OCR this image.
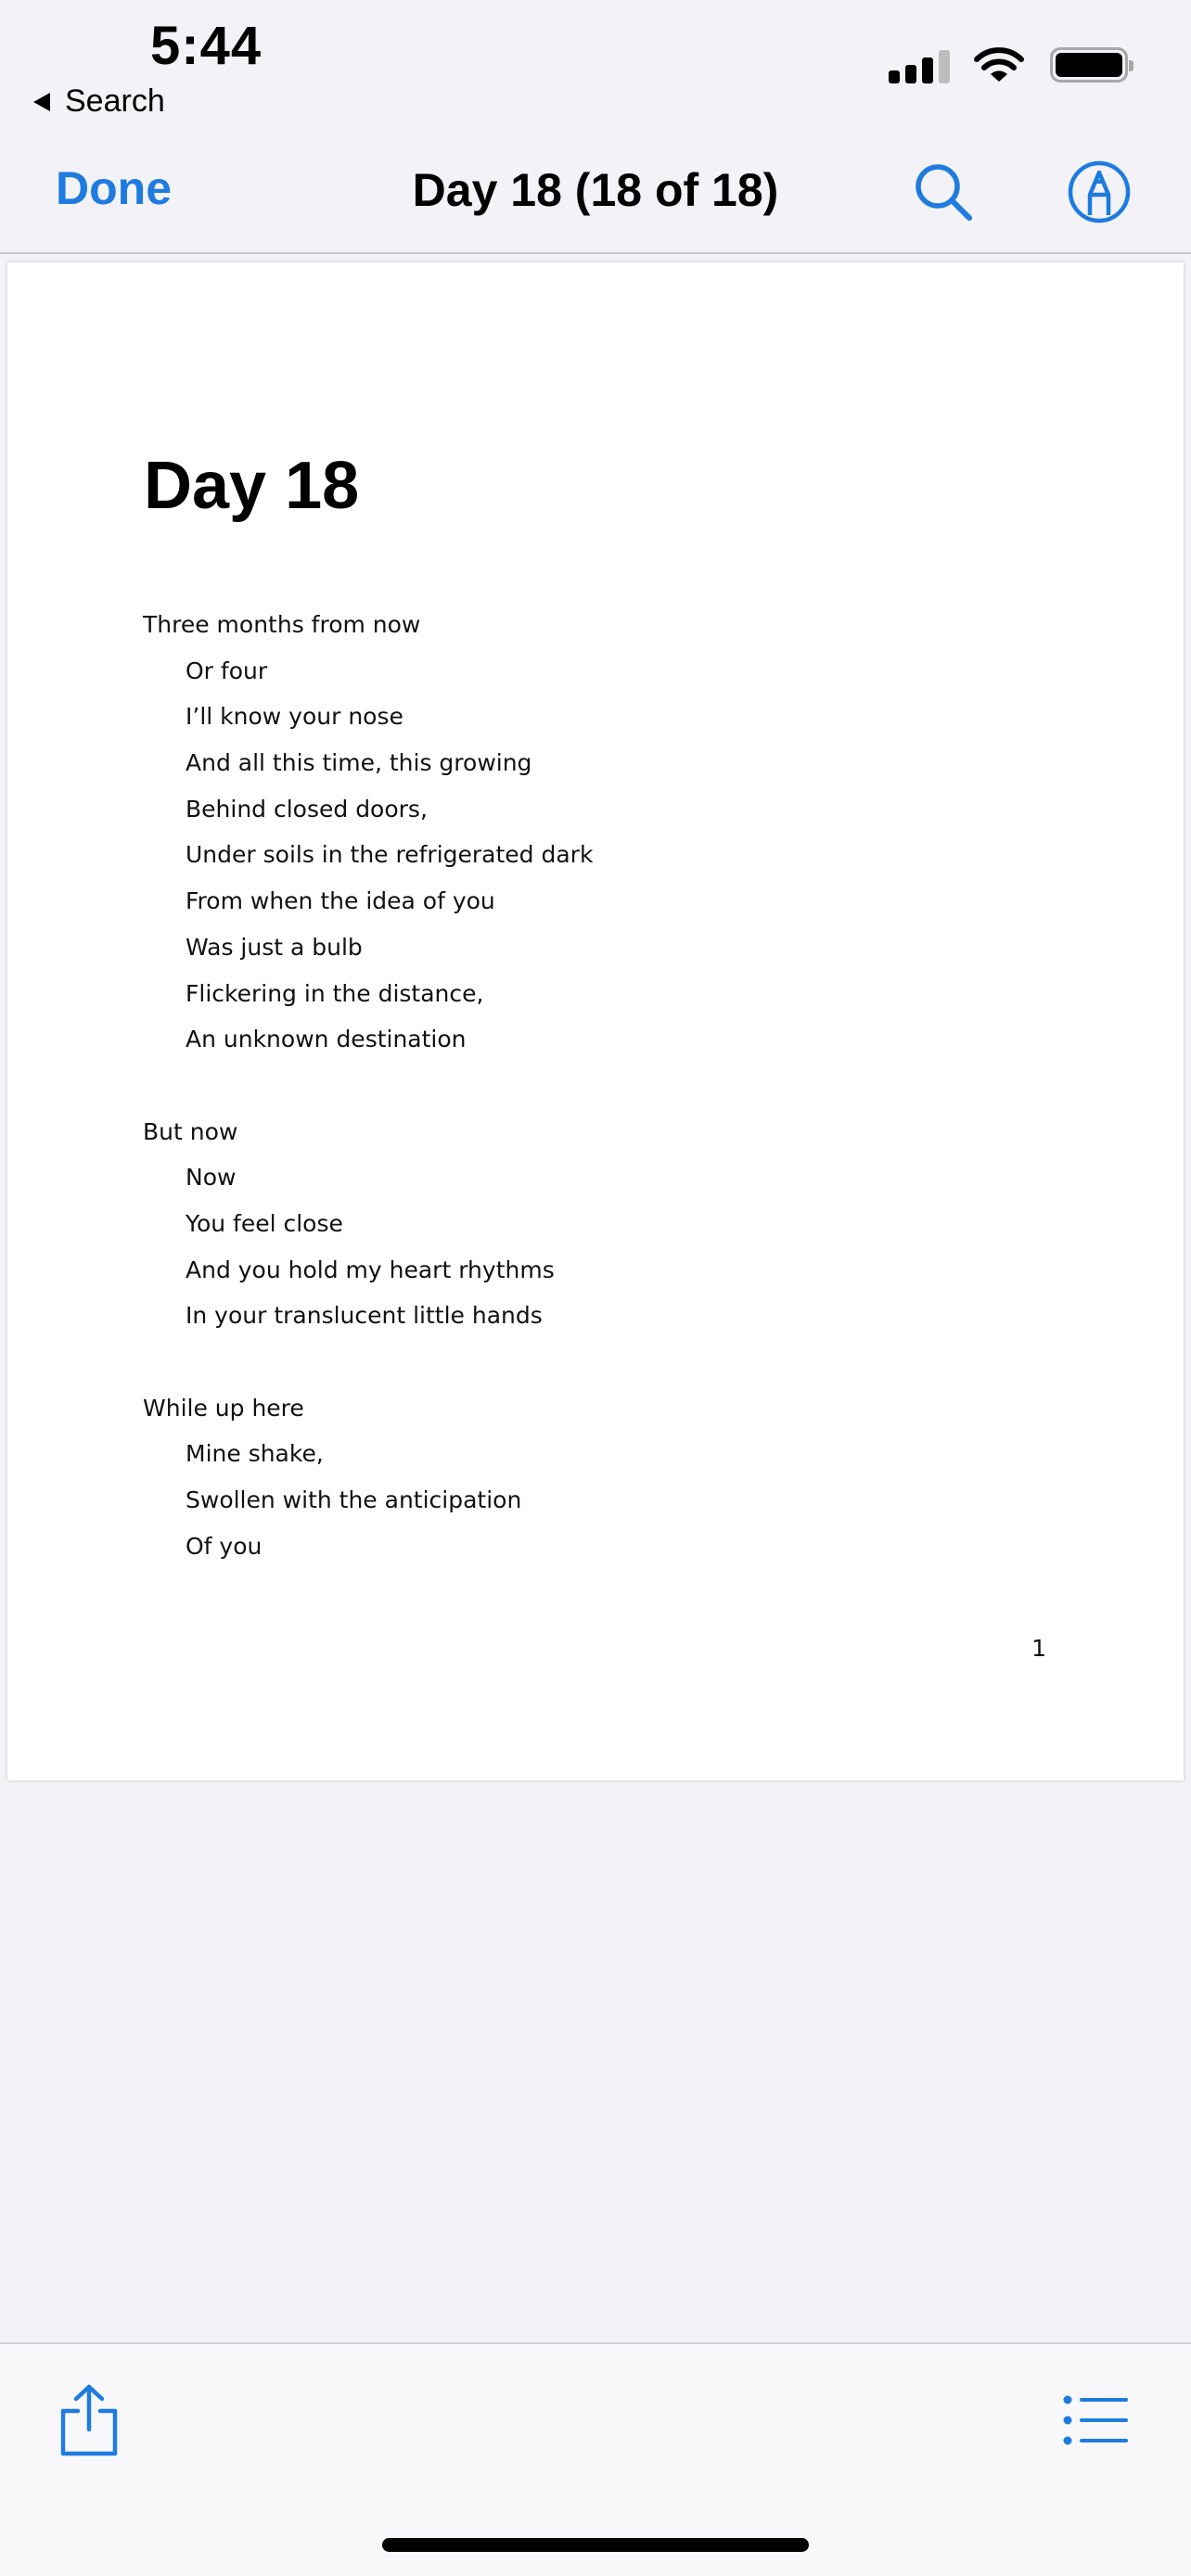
5:44
Search
Done	Day 18 (18 of 18)
Day 18
Three months from now
Or four
I’ll know your nose
And all this time, this growing
Behind closed doors,
Under soils in the refrigerated dark
From when the idea of you
Was just a bulb
Flickering in the distance,
An unknown destination
But now
Now
You feel close
And you hold my heart rhythms
In your translucent little hands
While up here
Mine shake,
Swollen with the anticipation
Of you
1
